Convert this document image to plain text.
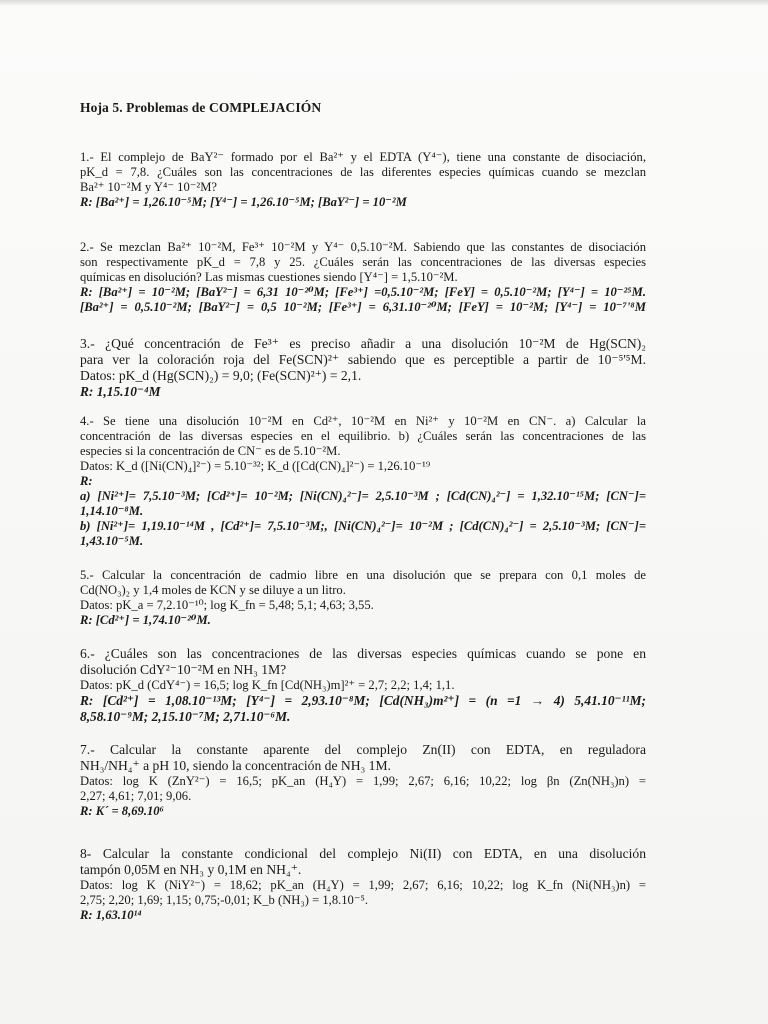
Hoja 5. Problemas de COMPLEJACIÓN
1.- El complejo de BaY²⁻ formado por el Ba²⁺ y el EDTA (Y⁴⁻), tiene una constante de disociación,
pK_d = 7,8. ¿Cuáles son las concentraciones de las diferentes especies químicas cuando se mezclan
Ba²⁺ 10⁻²M y Y⁴⁻ 10⁻²M?
R: [Ba²⁺] = 1,26.10⁻⁵M; [Y⁴⁻] = 1,26.10⁻⁵M; [BaY²⁻] = 10⁻²M
2.- Se mezclan Ba²⁺ 10⁻²M, Fe³⁺ 10⁻²M y Y⁴⁻ 0,5.10⁻²M. Sabiendo que las constantes de disociación
son respectivamente pK_d = 7,8 y 25. ¿Cuáles serán las concentraciones de las diversas especies
químicas en disolución? Las mismas cuestiones siendo [Y⁴⁻] = 1,5.10⁻²M.
R: [Ba²⁺] = 10⁻²M; [BaY²⁻] = 6,31 10⁻²⁰M; [Fe³⁺] =0,5.10⁻²M; [FeY] = 0,5.10⁻²M; [Y⁴⁻] = 10⁻²⁵M.
[Ba²⁺] = 0,5.10⁻²M; [BaY²⁻] = 0,5 10⁻²M; [Fe³⁺] = 6,31.10⁻²⁰M; [FeY] = 10⁻²M; [Y⁴⁻] = 10⁻⁷'⁸M
3.- ¿Qué concentración de Fe³⁺ es preciso añadir a una disolución 10⁻²M de Hg(SCN)₂
para ver la coloración roja del Fe(SCN)²⁺ sabiendo que es perceptible a partir de 10⁻⁵'⁵M.
Datos: pK_d (Hg(SCN)₂) = 9,0; (Fe(SCN)²⁺) = 2,1.
R: 1,15.10⁻⁴M
4.- Se tiene una disolución 10⁻²M en Cd²⁺, 10⁻²M en Ni²⁺ y 10⁻²M en CN⁻. a) Calcular la
concentración de las diversas especies en el equilibrio. b) ¿Cuáles serán las concentraciones de las
especies si la concentración de CN⁻ es de 5.10⁻²M.
Datos: K_d ([Ni(CN)₄]²⁻) = 5.10⁻³²; K_d ([Cd(CN)₄]²⁻) = 1,26.10⁻¹⁹
R:
a) [Ni²⁺]= 7,5.10⁻³M; [Cd²⁺]= 10⁻²M; [Ni(CN)₄²⁻]= 2,5.10⁻³M ; [Cd(CN)₄²⁻] = 1,32.10⁻¹⁵M; [CN⁻]=
1,14.10⁻⁸M.
b) [Ni²⁺]= 1,19.10⁻¹⁴M , [Cd²⁺]= 7,5.10⁻³M;, [Ni(CN)₄²⁻]= 10⁻²M ; [Cd(CN)₄²⁻] = 2,5.10⁻³M; [CN⁻]=
1,43.10⁻⁵M.
5.- Calcular la concentración de cadmio libre en una disolución que se prepara con 0,1 moles de
Cd(NO₃)₂ y 1,4 moles de KCN y se diluye a un litro.
Datos: pK_a = 7,2.10⁻¹⁰; log K_fn = 5,48; 5,1; 4,63; 3,55.
R: [Cd²⁺] = 1,74.10⁻²⁰M.
6.- ¿Cuáles son las concentraciones de las diversas especies químicas cuando se pone en
disolución CdY²⁻10⁻²M en NH₃ 1M?
Datos: pK_d (CdY⁴⁻) = 16,5; log K_fn [Cd(NH₃)m]²⁺ = 2,7; 2,2; 1,4; 1,1.
R: [Cd²⁺] = 1,08.10⁻¹³M; [Y⁴⁻] = 2,93.10⁻⁸M; [Cd(NH₃)m²⁺] = (n =1 → 4) 5,41.10⁻¹¹M;
8,58.10⁻⁹M; 2,15.10⁻⁷M; 2,71.10⁻⁶M.
7.- Calcular la constante aparente del complejo Zn(II) con EDTA, en reguladora
NH₃/NH₄⁺ a pH 10, siendo la concentración de NH₃ 1M.
Datos: log K (ZnY²⁻) = 16,5; pK_an (H₄Y) = 1,99; 2,67; 6,16; 10,22; log βn (Zn(NH₃)n) =
2,27; 4,61; 7,01; 9,06.
R: K´ = 8,69.10⁶
8- Calcular la constante condicional del complejo Ni(II) con EDTA, en una disolución
tampón 0,05M en NH₃ y 0,1M en NH₄⁺.
Datos: log K (NiY²⁻) = 18,62; pK_an (H₄Y) = 1,99; 2,67; 6,16; 10,22; log K_fn (Ni(NH₃)n) =
2,75; 2,20; 1,69; 1,15; 0,75;-0,01; K_b (NH₃) = 1,8.10⁻⁵.
R: 1,63.10¹⁴
